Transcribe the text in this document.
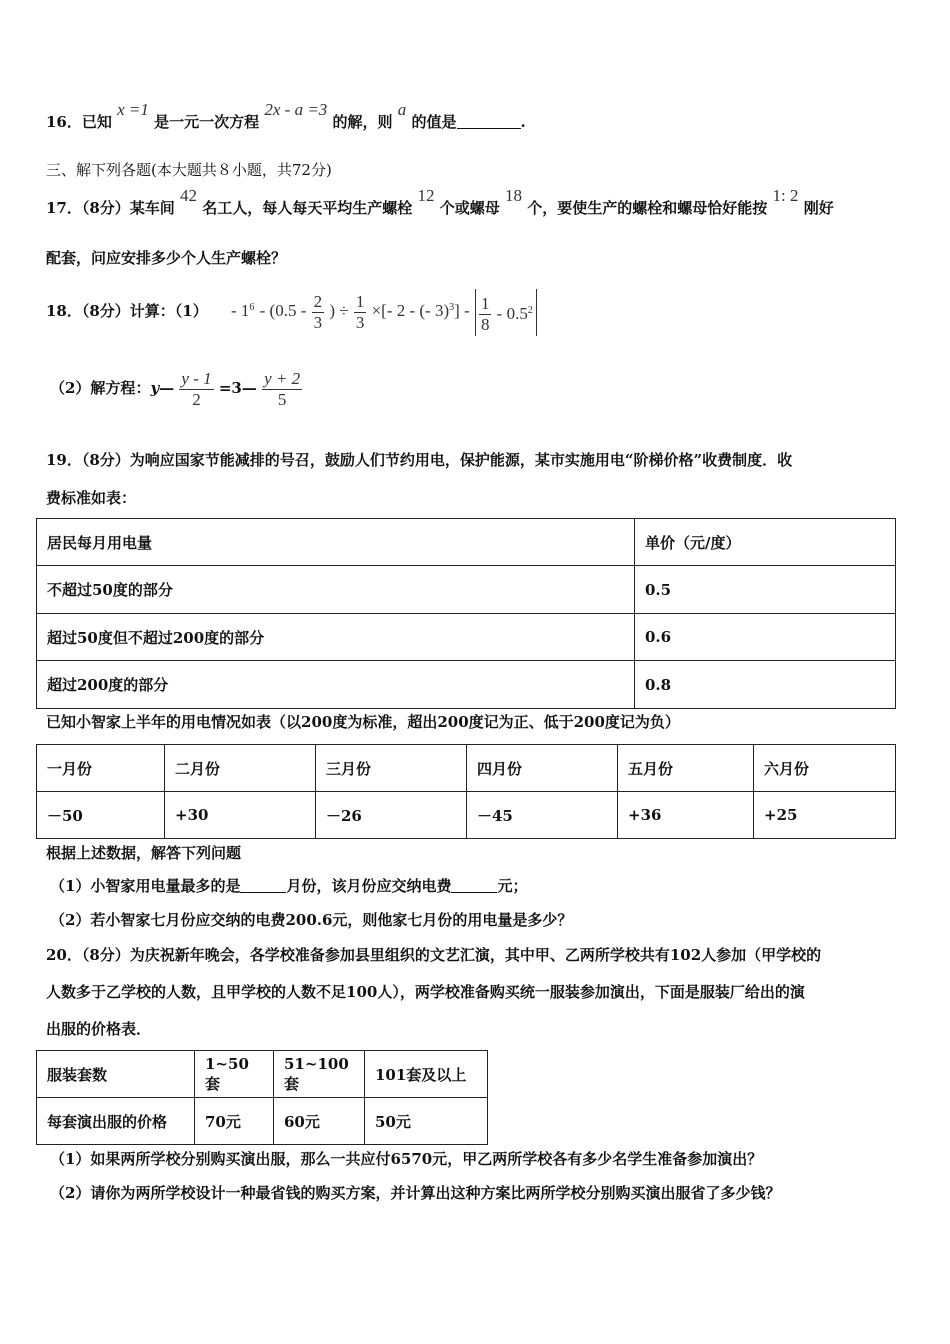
16．已知 x =1 是一元一次方程 2x - a =3 的解，则 a 的值是	.
三、解下列各题(本大题共８小题，共72分)
17．（8分）某车间 42 名工人，每人每天平均生产螺栓 12 个或螺母 18 个，要使生产的螺栓和螺母恰好能按 1: 2 刚好
配套，问应安排多少个人生产螺栓？
18．（8分）计算：$(1) - 1^6 - (0.5 - \frac{2}{3}$ ) ÷ $\frac{1}{3}$ ×[- 2 - (- $3)^3] - \frac{1}{8} - 0.5^2$
（2）解方程：y— $\frac{y - 1}{2}$ =3— $\frac{y + 2}{5}$
19．（8分）为响应国家节能减排的号召，鼓励人们节约用电，保护能源，某市实施用电“阶梯价格”收费制度．收
费标准如表：
居民每月用电量	单价（元/度）
不超过50度的部分	0.5
超过50度但不超过200度的部分	0.6
超过200度的部分	0.8
已知小智家上半年的用电情况如表（以200度为标准，超出200度记为正、低于200度记为负）
一月份	二月份	三月份	四月份	五月份	六月份
－50	+30	－26	－45	+36	+25
根据上述数据，解答下列问题
（1）小智家用电量最多的是	月份，该月份应交纳电费	元；
（2）若小智家七月份应交纳的电费200.6元，则他家七月份的用电量是多少？
20．（8分）为庆祝新年晚会，各学校准备参加县里组织的文艺汇演，其中甲、乙两所学校共有102人参加（甲学校的
人数多于乙学校的人数，且甲学校的人数不足100人），两学校准备购买统一服装参加演出，下面是服装厂给出的演
出服的价格表．
服装套数	1~50套	51~100套	101套及以上
每套演出服的价格	70元	60元	50元
（1）如果两所学校分别购买演出服，那么一共应付6570元，甲乙两所学校各有多少名学生准备参加演出？
（2）请你为两所学校设计一种最省钱的购买方案，并计算出这种方案比两所学校分别购买演出服省了多少钱？
